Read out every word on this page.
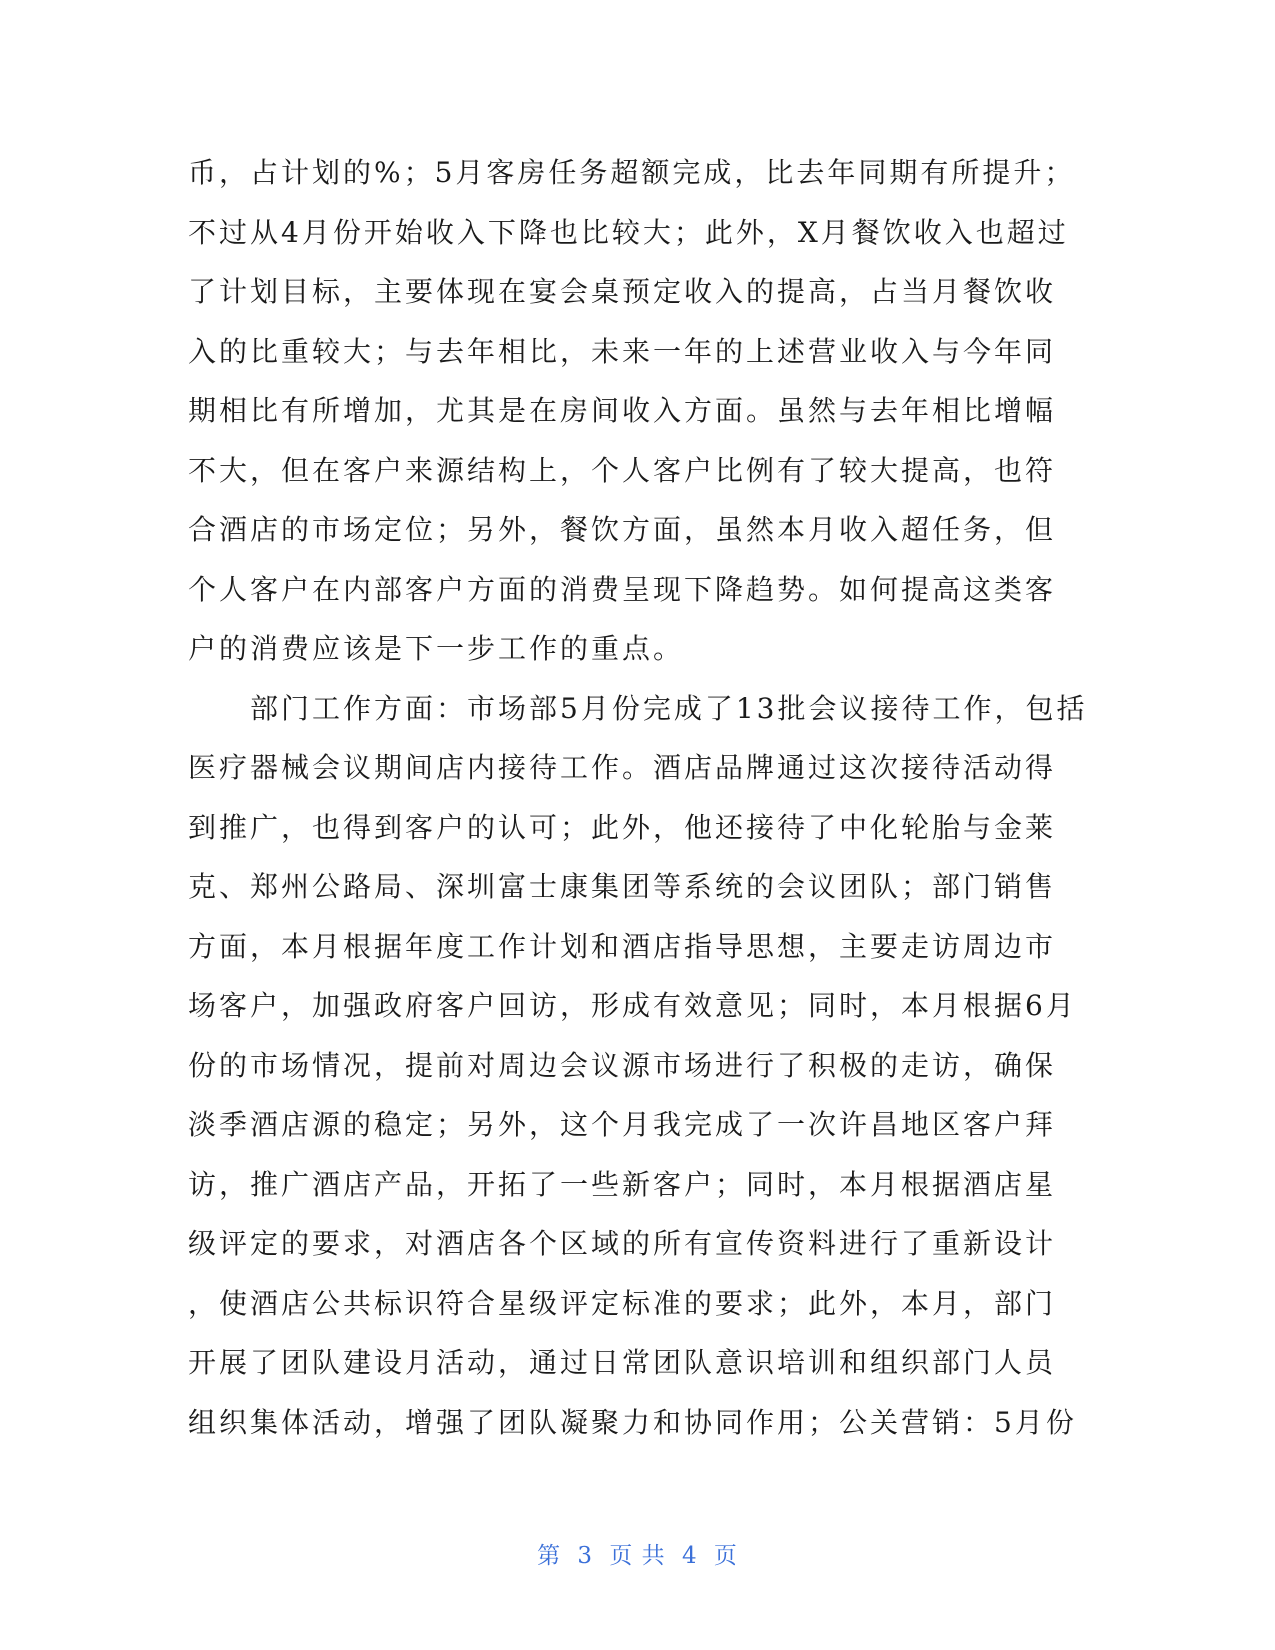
币，占计划的%；5月客房任务超额完成，比去年同期有所提升；
不过从4月份开始收入下降也比较大；此外，X月餐饮收入也超过
了计划目标，主要体现在宴会桌预定收入的提高，占当月餐饮收
入的比重较大；与去年相比，未来一年的上述营业收入与今年同
期相比有所增加，尤其是在房间收入方面。虽然与去年相比增幅
不大，但在客户来源结构上，个人客户比例有了较大提高，也符
合酒店的市场定位；另外，餐饮方面，虽然本月收入超任务，但
个人客户在内部客户方面的消费呈现下降趋势。如何提高这类客
户的消费应该是下一步工作的重点。
　　部门工作方面：市场部5月份完成了13批会议接待工作，包括
医疗器械会议期间店内接待工作。酒店品牌通过这次接待活动得
到推广，也得到客户的认可；此外，他还接待了中化轮胎与金莱
克、郑州公路局、深圳富士康集团等系统的会议团队；部门销售
方面，本月根据年度工作计划和酒店指导思想，主要走访周边市
场客户，加强政府客户回访，形成有效意见；同时，本月根据6月
份的市场情况，提前对周边会议源市场进行了积极的走访，确保
淡季酒店源的稳定；另外，这个月我完成了一次许昌地区客户拜
访，推广酒店产品，开拓了一些新客户；同时，本月根据酒店星
级评定的要求，对酒店各个区域的所有宣传资料进行了重新设计
，使酒店公共标识符合星级评定标准的要求；此外，本月，部门
开展了团队建设月活动，通过日常团队意识培训和组织部门人员
组织集体活动，增强了团队凝聚力和协同作用；公关营销：5月份
第 3 页 共 4 页
